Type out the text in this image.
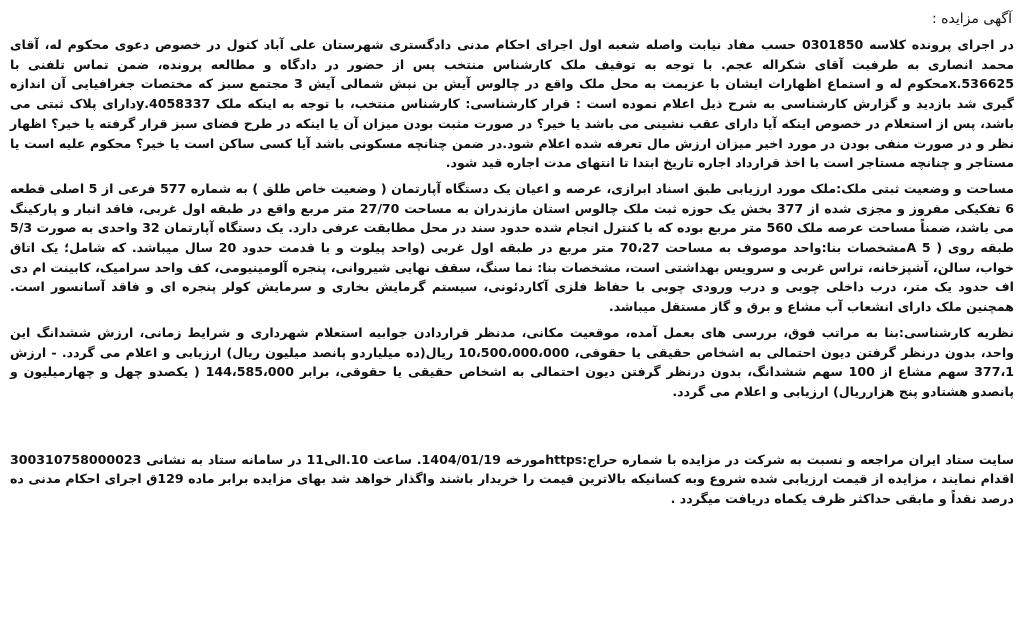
آگهی مزایده :

در اجرای پرونده کلاسه 0301850 حسب مفاد نیابت واصله شعبه اول اجرای احکام مدنی دادگستری شهرستان علی آباد کتول در خصوص دعوی محکوم له، آقای محمد انصاری به طرفیت آقای شکراله عجم. با توجه به توقیف ملک کارشناس منتخب پس از حضور در دادگاه و مطالعه پرونده، ضمن تماس تلفنی با 536625.xمحکوم له و استماع اظهارات ایشان با عزیمت به محل ملک واقع در چالوس آیش بن نبش شمالی آیش 3 مجتمع سبز که مختصات جغرافیایی آن اندازه گیری شد بازدید و گزارش کارشناسی به شرح ذیل اعلام نموده است : قرار کارشناسی: کارشناس منتخب، با توجه به اینکه ملک 4058337.yدارای پلاک ثبتی می باشد، پس از استعلام در خصوص اینکه آیا دارای عقب نشینی می باشد یا خیر؟ در صورت مثبت بودن میزان آن یا اینکه در طرح فضای سبز قرار گرفته یا خیر؟ اظهار نظر و در صورت منفی بودن در مورد اخیر میزان ارزش مال تعرفه شده اعلام شود.در ضمن چنانچه مسکونی باشد آیا کسی ساکن است یا خیر؟ محکوم علیه است یا مستاجر و چنانچه مستاجر است با اخذ قرارداد اجاره تاریخ ابتدا تا انتهای مدت اجاره قید شود.

مساحت و وضعیت ثبتی ملک:ملک مورد ارزیابی طبق اسناد ابرازی، عرصه و اعیان یک دستگاه آپارتمان ( وضعیت خاص طلق ) به شماره 577 فرعی از 5 اصلی قطعه 6 تفکیکی مفروز و مجزی شده از 377 بخش یک حوزه ثبت ملک چالوس استان مازندران به مساحت 27/70 متر مربع واقع در طبقه اول غربی، فاقد انبار و پارکینگ می باشد، ضمناً مساحت عرصه ملک 560 متر مربع بوده که با کنترل انجام شده حدود سند در محل مطابقت عرفی دارد. یک دستگاه آپارتمان 32 واحدی به صورت 5/3 طبقه روی ( 5 Aمشخصات بنا:واحد موصوف به مساحت 70،27 متر مربع در طبقه اول غربی (واحد پیلوت و با قدمت حدود 20 سال میباشد. که شامل؛ یک اتاق خواب، سالن، آشپزخانه، تراس غربی و سرویس بهداشتی است، مشخصات بنا: نما سنگ، سقف نهایی شیروانی، پنجره آلومینیومی، کف واحد سرامیک، کابینت ام دی اف حدود یک متر، درب داخلی چوبی و درب ورودی چوبی با حفاظ فلزی آکاردئونی، سیستم گرمایش بخاری و سرمایش کولر پنجره ای و فاقد آسانسور است. همچنین ملک دارای انشعاب آب مشاع و برق و گاز مستقل میباشد.

نظریه کارشناسی:بنا به مراتب فوق، بررسی های بعمل آمده، موقعیت مکانی، مدنظر قراردادن جوابیه استعلام شهرداری و شرایط زمانی، ارزش ششدانگ این واحد، بدون درنظر گرفتن دیون احتمالی به اشخاص حقیقی یا حقوقی، 10،500،000،000 ریال(ده میلیاردو پانصد میلیون ریال) ارزیابی و اعلام می گردد. - ارزش 377،1 سهم مشاع از 100 سهم ششدانگ، بدون درنظر گرفتن دیون احتمالی به اشخاص حقیقی یا حقوقی، برابر 144،585،000 ( یکصدو چهل و چهارمیلیون و پانصدو هشتادو پنج هزارریال) ارزیابی و اعلام می گردد.

سایت ستاد ایران مراجعه و نسبت به شرکت در مزایده با شماره حراج:httpsمورخه 1404/01/19. ساعت 10.الی11 در سامانه ستاد به نشانی 300310758000023 اقدام نمایند ، مزایده از قیمت ارزیابی شده شروع وبه کسانیکه بالاترین قیمت را خریدار باشند واگذار خواهد شد بهای مزایده برابر ماده 129ق اجرای احکام مدنی ده درصد نقداً و مابقی حداکثر ظرف یکماه دریافت میگردد .
